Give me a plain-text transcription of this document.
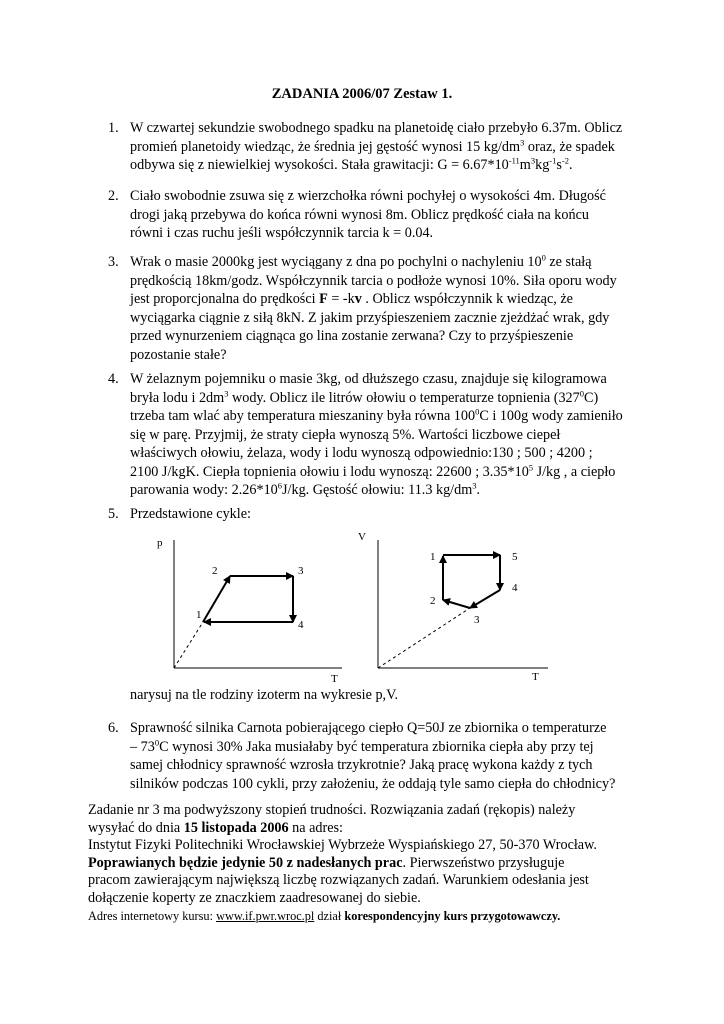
ZADANIA 2006/07 Zestaw 1.
1. W czwartej sekundzie swobodnego spadku na planetoidę ciało przebyło 6.37m. Oblicz
promień planetoidy wiedząc, że średnia jej gęstość wynosi 15 $kg/dm^3$ oraz, że spadek
odbywa się z niewielkiej wysokości. Stała grawitacji: $G = 6.67*10^{-11}m^3kg^{-1}s^{-2}$.
2. Ciało swobodnie zsuwa się z wierzchołka równi pochyłej o wysokości 4m. Długość
drogi jaką przebywa do końca równi wynosi 8m. Oblicz prędkość ciała na końcu
równi i czas ruchu jeśli współczynnik tarcia k = 0.04.
3. Wrak o masie 2000kg jest wyciągany z dna po pochylni o nachyleniu $10^0$ ze stałą
prędkością 18km/godz. Współczynnik tarcia o podłoże wynosi 10%. Siła oporu wody
jest proporcjonalna do prędkości F = -kv . Oblicz współczynnik k wiedząc, że
wyciągarka ciągnie z siłą 8kN. Z jakim przyśpieszeniem zacznie zjeżdżać wrak, gdy
przed wynurzeniem ciągnąca go lina zostanie zerwana? Czy to przyśpieszenie
pozostanie stałe?
4. W żelaznym pojemniku o masie 3kg, od dłuższego czasu, znajduje się kilogramowa
bryła lodu i $2dm^3$ wody. Oblicz ile litrów ołowiu o temperaturze topnienia $(327^0C)$
trzeba tam wlać aby temperatura mieszaniny była równa $100^0C$ i 100g wody zamieniło
się w parę. Przyjmij, że straty ciepła wynoszą 5%. Wartości liczbowe ciepeł
właściwych ołowiu, żelaza, wody i lodu wynoszą odpowiednio:130 ; 500 ; 4200 ;
2100 J/kgK. Ciepła topnienia ołowiu i lodu wynoszą: 22600 ; $3.35*10^5$ J/kg , a ciepło
parowania wody: $2.26*10^6J/kg$. Gęstość ołowiu: 11.3 $kg/dm^3$.
5. Przedstawione cykle:
p
T
1
2	3
4
V
T
1
2
3
4
5
narysuj na tle rodziny izoterm na wykresie p,V.
6. Sprawność silnika Carnota pobierającego ciepło Q=50J ze zbiornika o temperaturze
– $73^0C$ wynosi 30% Jaka musiałaby być temperatura zbiornika ciepła aby przy tej
samej chłodnicy sprawność wzrosła trzykrotnie? Jaką pracę wykona każdy z tych
silników podczas 100 cykli, przy założeniu, że oddają tyle samo ciepła do chłodnicy?
Zadanie nr 3 ma podwyższony stopień trudności. Rozwiązania zadań (rękopis) należy
wysyłać do dnia 15 listopada 2006 na adres:
Instytut Fizyki Politechniki Wrocławskiej Wybrzeże Wyspiańskiego 27, 50-370 Wrocław.
Poprawianych będzie jedynie 50 z nadesłanych prac. Pierwszeństwo przysługuje
pracom zawierającym największą liczbę rozwiązanych zadań. Warunkiem odesłania jest
dołączenie koperty ze znaczkiem zaadresowanej do siebie.
Adres internetowy kursu: www.if.pwr.wroc.pl dział korespondencyjny kurs przygotowawczy.
